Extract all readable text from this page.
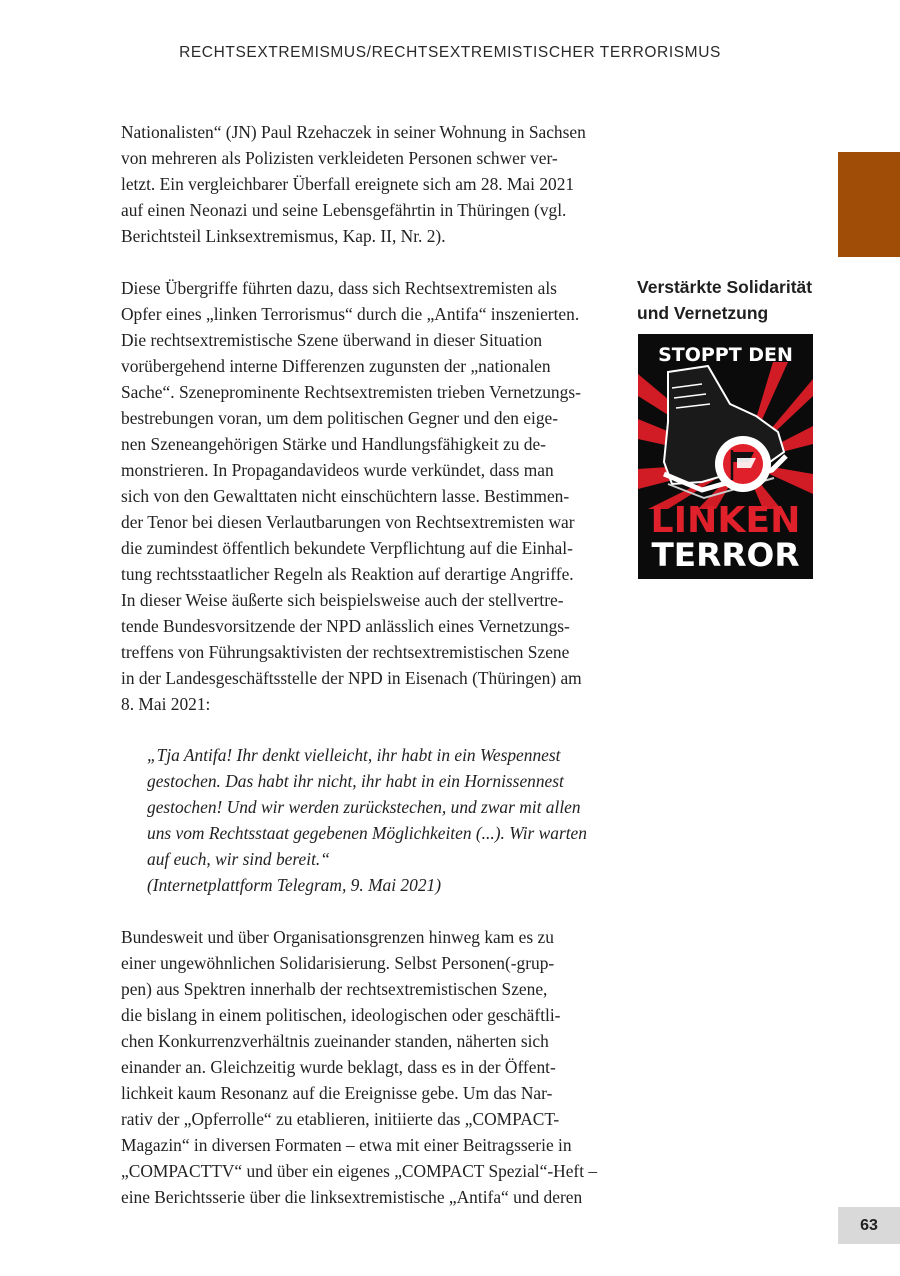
RECHTSEXTREMISMUS/RECHTSEXTREMISTISCHER TERRORISMUS

Nationalisten“ (JN) Paul Rzehaczek in seiner Wohnung in Sachsen

von mehreren als Polizisten verkleideten Personen schwer ver-

letzt. Ein vergleichbarer Überfall ereignete sich am 28. Mai 2021

auf einen Neonazi und seine Lebensgefährtin in Thüringen (vgl.

Berichtsteil Linksextremismus, Kap. II, Nr. 2).

Diese Übergriffe führten dazu, dass sich Rechtsextremisten als

Opfer eines „linken Terrorismus“ durch die „Antifa“ inszenierten.

Die rechtsextremistische Szene überwand in dieser Situation

vorübergehend interne Differenzen zugunsten der „nationalen

Sache“. Szeneprominente Rechtsextremisten trieben Vernetzungs-

bestrebungen voran, um dem politischen Gegner und den eige-

nen Szeneangehörigen Stärke und Handlungsfähigkeit zu de-

monstrieren. In Propagandavideos wurde verkündet, dass man

sich von den Gewalttaten nicht einschüchtern lasse. Bestimmen-

der Tenor bei diesen Verlautbarungen von Rechtsextremisten war

die zumindest öffentlich bekundete Verpflichtung auf die Einhal-

tung rechtsstaatlicher Regeln als Reaktion auf derartige Angriffe.

In dieser Weise äußerte sich beispielsweise auch der stellvertre-

tende Bundesvorsitzende der NPD anlässlich eines Vernetzungs-

treffens von Führungsaktivisten der rechtsextremistischen Szene

in der Landesgeschäftsstelle der NPD in Eisenach (Thüringen) am

8. Mai 2021:

„Tja Antifa! Ihr denkt vielleicht, ihr habt in ein Wespennest

gestochen. Das habt ihr nicht, ihr habt in ein Hornissennest

gestochen! Und wir werden zurückstechen, und zwar mit allen

uns vom Rechtsstaat gegebenen Möglichkeiten (...). Wir warten

auf euch, wir sind bereit.“

(Internetplattform Telegram, 9. Mai 2021)

Bundesweit und über Organisationsgrenzen hinweg kam es zu

einer ungewöhnlichen Solidarisierung. Selbst Personen(-grup-

pen) aus Spektren innerhalb der rechtsextremistischen Szene,

die bislang in einem politischen, ideologischen oder geschäftli-

chen Konkurrenzverhältnis zueinander standen, näherten sich

einander an. Gleichzeitig wurde beklagt, dass es in der Öffent-

lichkeit kaum Resonanz auf die Ereignisse gebe. Um das Nar-

rativ der „Opferrolle“ zu etablieren, initiierte das „COMPACT-

Magazin“ in diversen Formaten – etwa mit einer Beitragsserie in

„COMPACTTV“ und über ein eigenes „COMPACT Spezial“-Heft –

eine Berichtsserie über die linksextremistische „Antifa“ und deren

Verstärkte Solidarität
und Vernetzung
STOPPT DEN
LINKEN
TERROR
63
